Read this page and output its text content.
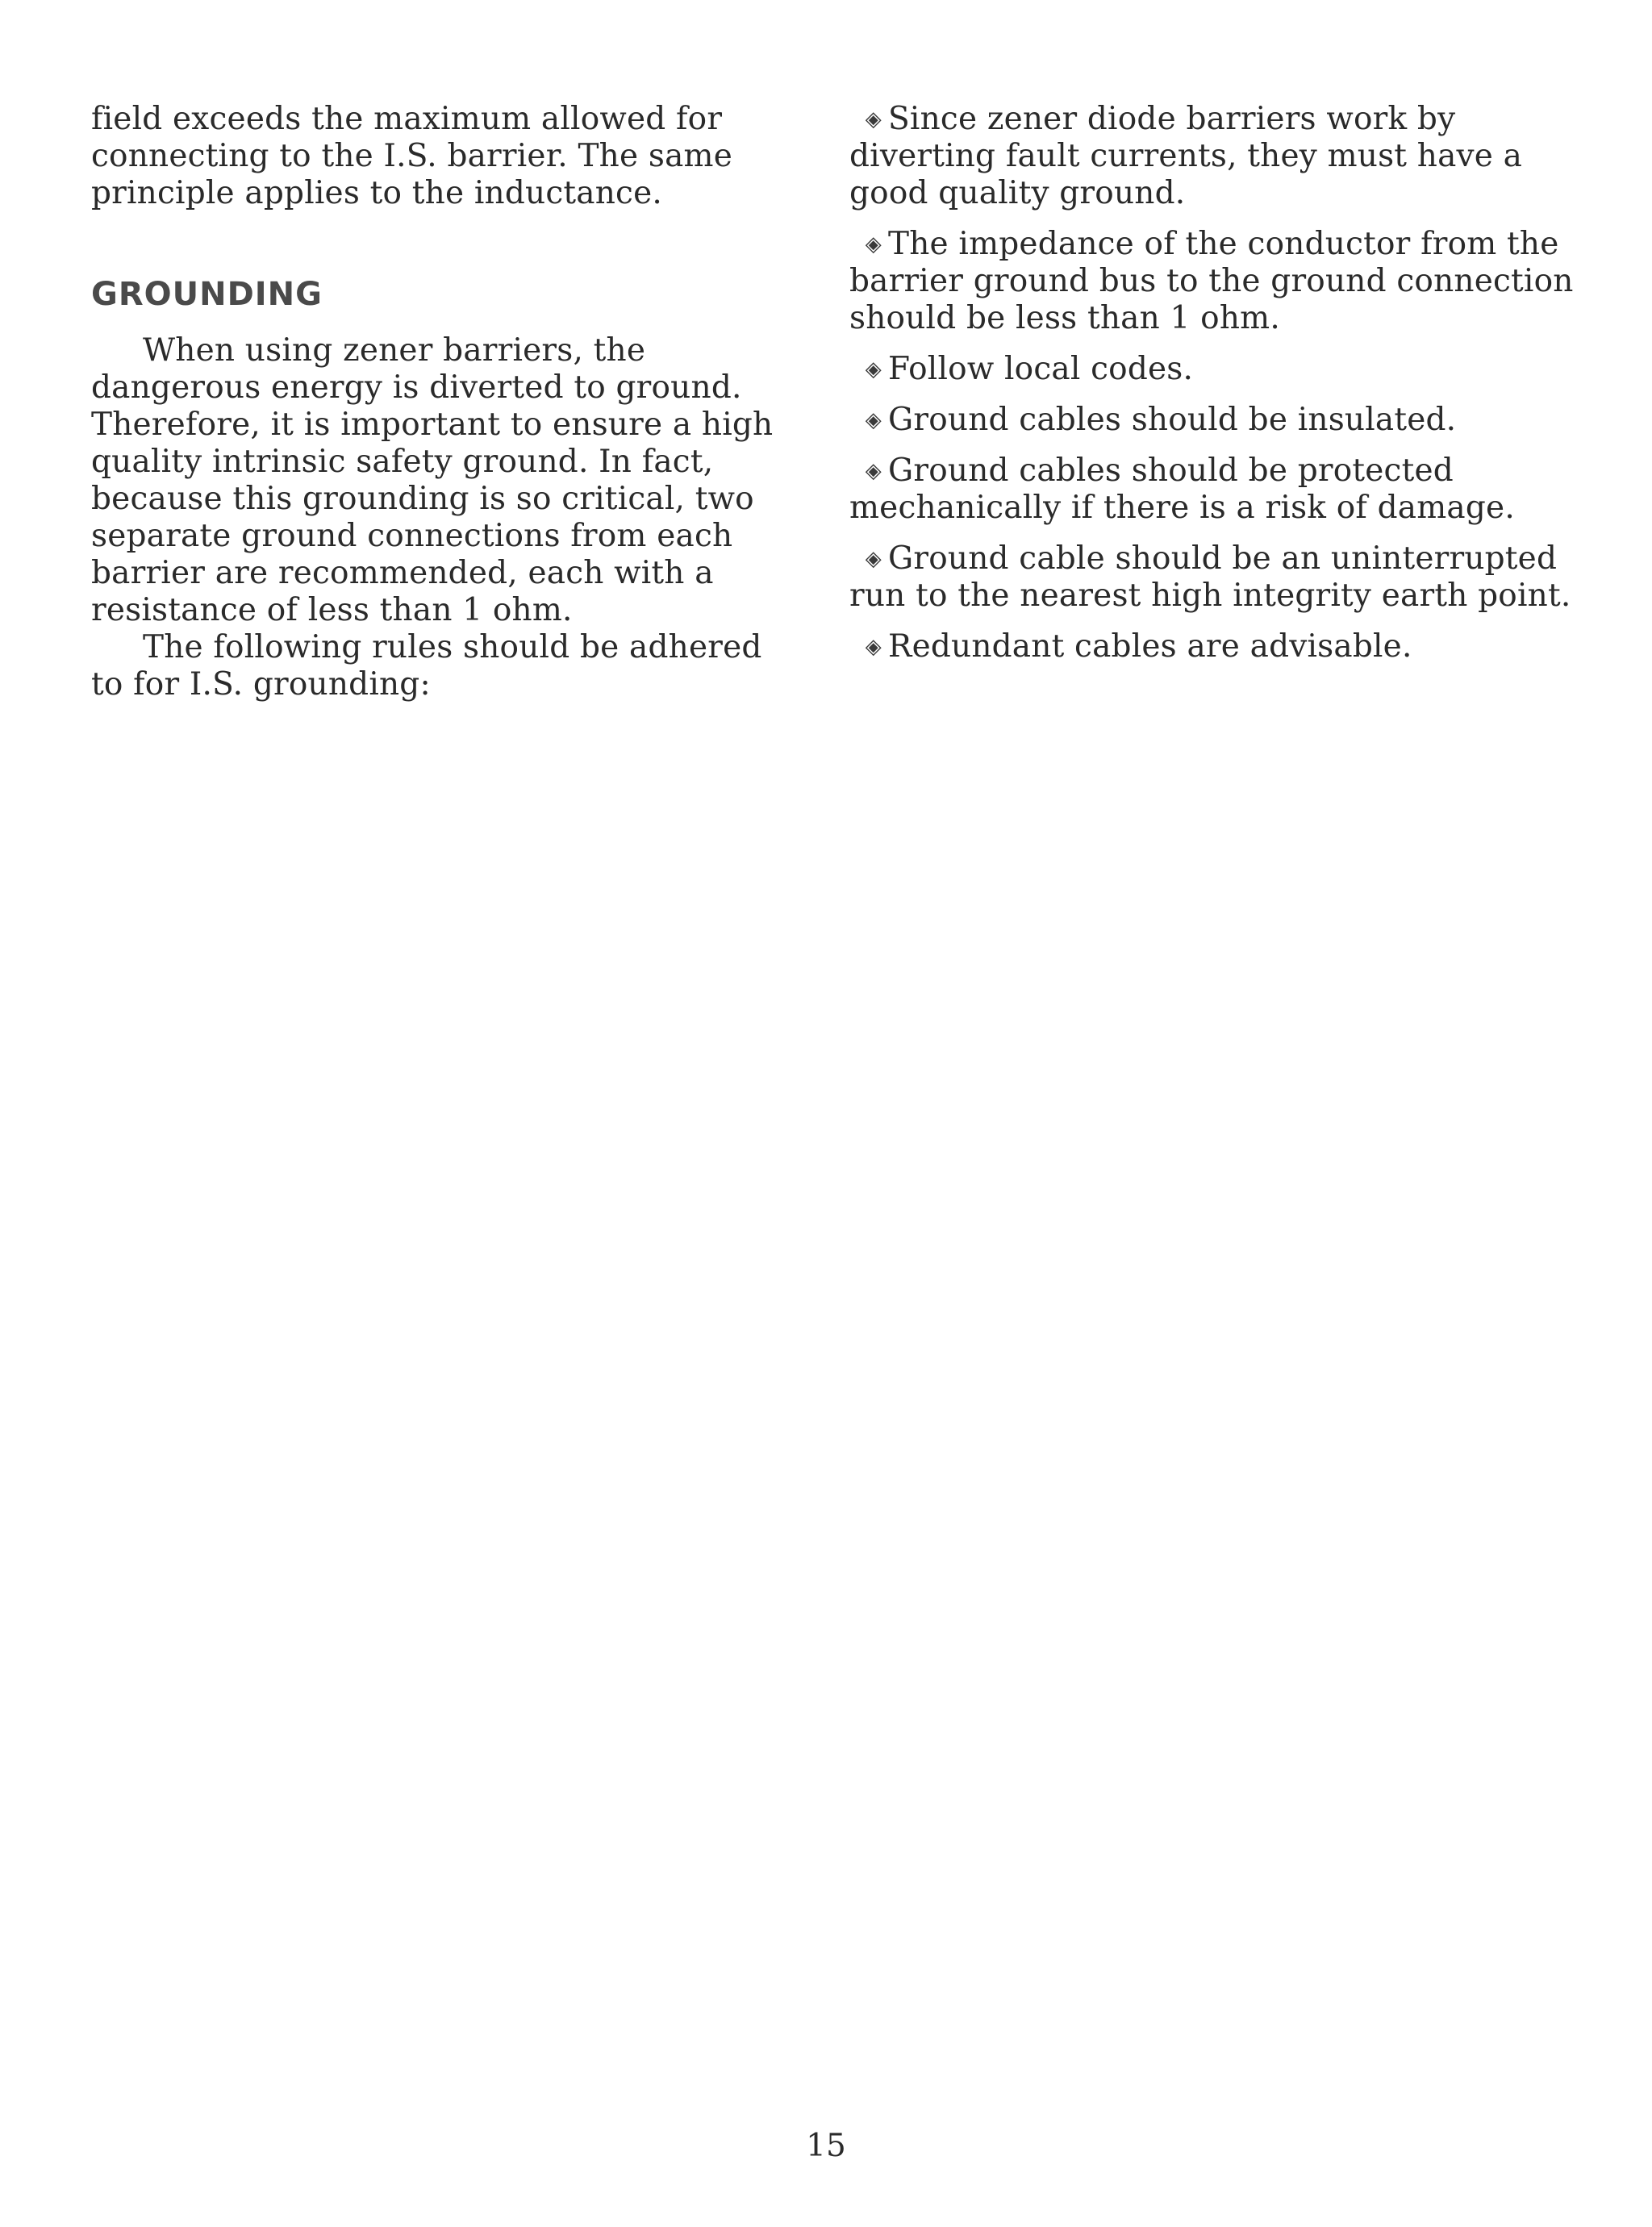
field exceeds the maximum allowed for connecting to the I.S. barrier. The same principle applies to the inductance.

GROUNDING

When using zener barriers, the dangerous energy is diverted to ground. Therefore, it is important to ensure a high quality intrinsic safety ground. In fact, because this grounding is so critical, two separate ground connections from each barrier are recommended, each with a resistance of less than 1 ohm.

The following rules should be adhered to for I.S. grounding:

◈ Since zener diode barriers work by diverting fault currents, they must have a good quality ground.

◈ The impedance of the conductor from the barrier ground bus to the ground connection should be less than 1 ohm.

◈ Follow local codes.

◈ Ground cables should be insulated.

◈ Ground cables should be protected mechanically if there is a risk of damage.

◈ Ground cable should be an uninterrupted run to the nearest high integrity earth point.

◈ Redundant cables are advisable.

15
